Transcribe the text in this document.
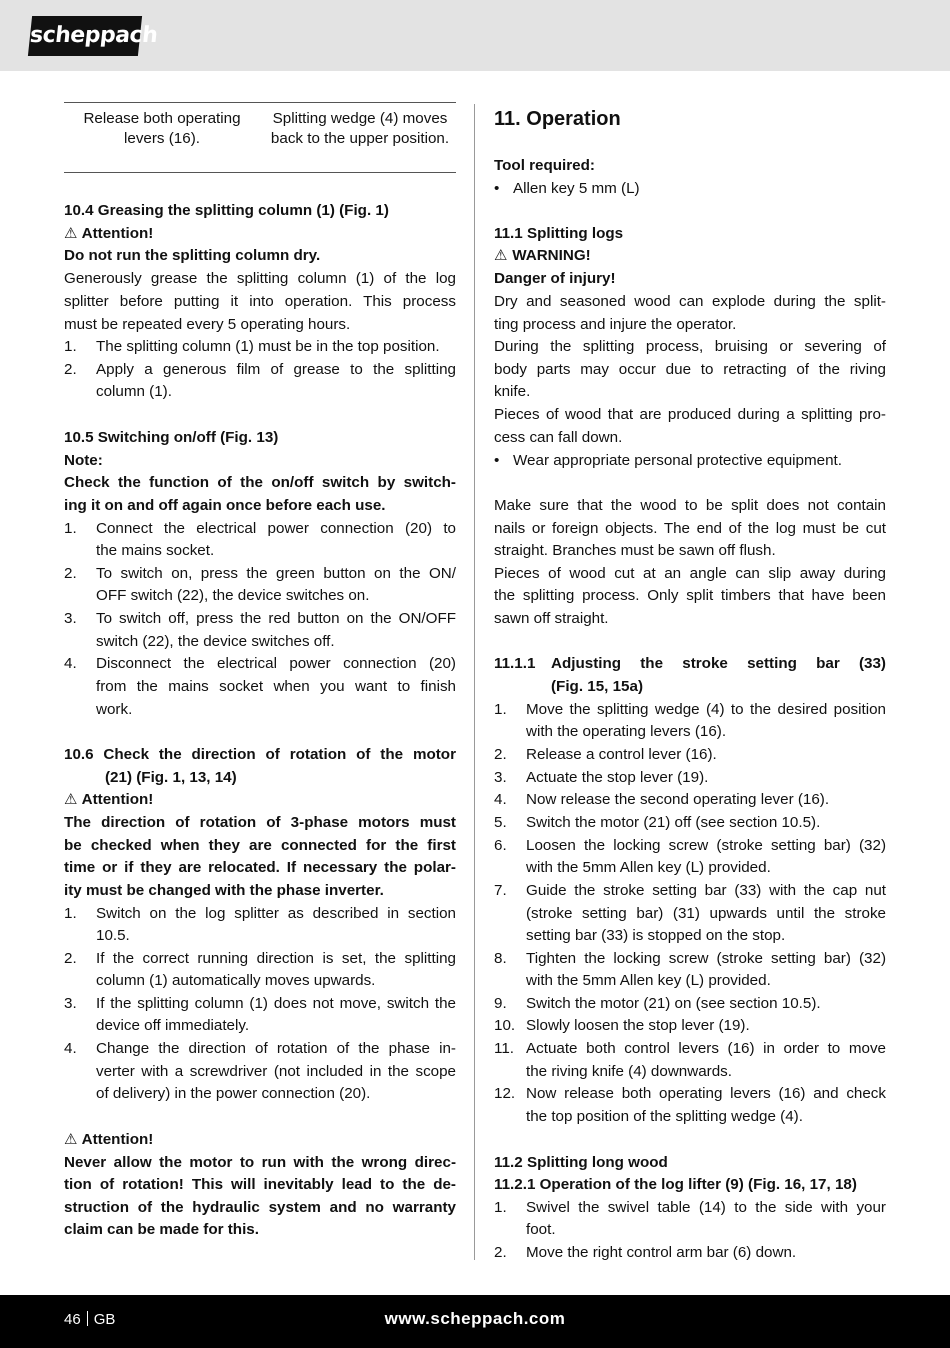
scheppach
Release both operating levers (16).
Splitting wedge (4) moves back to the upper position.
10.4 Greasing the splitting column (1) (Fig. 1)
⚠ Attention!
Do not run the splitting column dry.
Generously grease the splitting column (1) of the log
splitter before putting it into operation. This process
must be repeated every 5 operating hours.
1. The splitting column (1) must be in the top position.
2. Apply a generous film of grease to the splitting
column (1).
10.5 Switching on/off (Fig. 13)
Note:
Check the function of the on/off switch by switch-
ing it on and off again once before each use.
1. Connect the electrical power connection (20) to
the mains socket.
2. To switch on, press the green button on the ON/
OFF switch (22), the device switches on.
3. To switch off, press the red button on the ON/OFF
switch (22), the device switches off.
4. Disconnect the electrical power connection (20)
from the mains socket when you want to finish
work.
10.6 Check the direction of rotation of the motor
(21) (Fig. 1, 13, 14)
⚠ Attention!
The direction of rotation of 3-phase motors must
be checked when they are connected for the first
time or if they are relocated. If necessary the polar-
ity must be changed with the phase inverter.
1. Switch on the log splitter as described in section
10.5.
2. If the correct running direction is set, the splitting
column (1) automatically moves upwards.
3. If the splitting column (1) does not move, switch the
device off immediately.
4. Change the direction of rotation of the phase in-
verter with a screwdriver (not included in the scope
of delivery) in the power connection (20).
⚠ Attention!
Never allow the motor to run with the wrong direc-
tion of rotation! This will inevitably lead to the de-
struction of the hydraulic system and no warranty
claim can be made for this.
11. Operation
Tool required:
• Allen key 5 mm (L)
11.1 Splitting logs
⚠ WARNING!
Danger of injury!
Dry and seasoned wood can explode during the split-
ting process and injure the operator.
During the splitting process, bruising or severing of
body parts may occur due to retracting of the riving
knife.
Pieces of wood that are produced during a splitting pro-
cess can fall down.
• Wear appropriate personal protective equipment.
Make sure that the wood to be split does not contain
nails or foreign objects. The end of the log must be cut
straight. Branches must be sawn off flush.
Pieces of wood cut at an angle can slip away during
the splitting process. Only split timbers that have been
sawn off straight.
11.1.1 Adjusting the stroke setting bar (33)
(Fig. 15, 15a)
1. Move the splitting wedge (4) to the desired position
with the operating levers (16).
2. Release a control lever (16).
3. Actuate the stop lever (19).
4. Now release the second operating lever (16).
5. Switch the motor (21) off (see section 10.5).
6. Loosen the locking screw (stroke setting bar) (32)
with the 5mm Allen key (L) provided.
7. Guide the stroke setting bar (33) with the cap nut
(stroke setting bar) (31) upwards until the stroke
setting bar (33) is stopped on the stop.
8. Tighten the locking screw (stroke setting bar) (32)
with the 5mm Allen key (L) provided.
9. Switch the motor (21) on (see section 10.5).
10. Slowly loosen the stop lever (19).
11. Actuate both control levers (16) in order to move
the riving knife (4) downwards.
12. Now release both operating levers (16) and check
the top position of the splitting wedge (4).
11.2 Splitting long wood
11.2.1 Operation of the log lifter (9) (Fig. 16, 17, 18)
1. Swivel the swivel table (14) to the side with your
foot.
2. Move the right control arm bar (6) down.
46 GB	www.scheppach.com
